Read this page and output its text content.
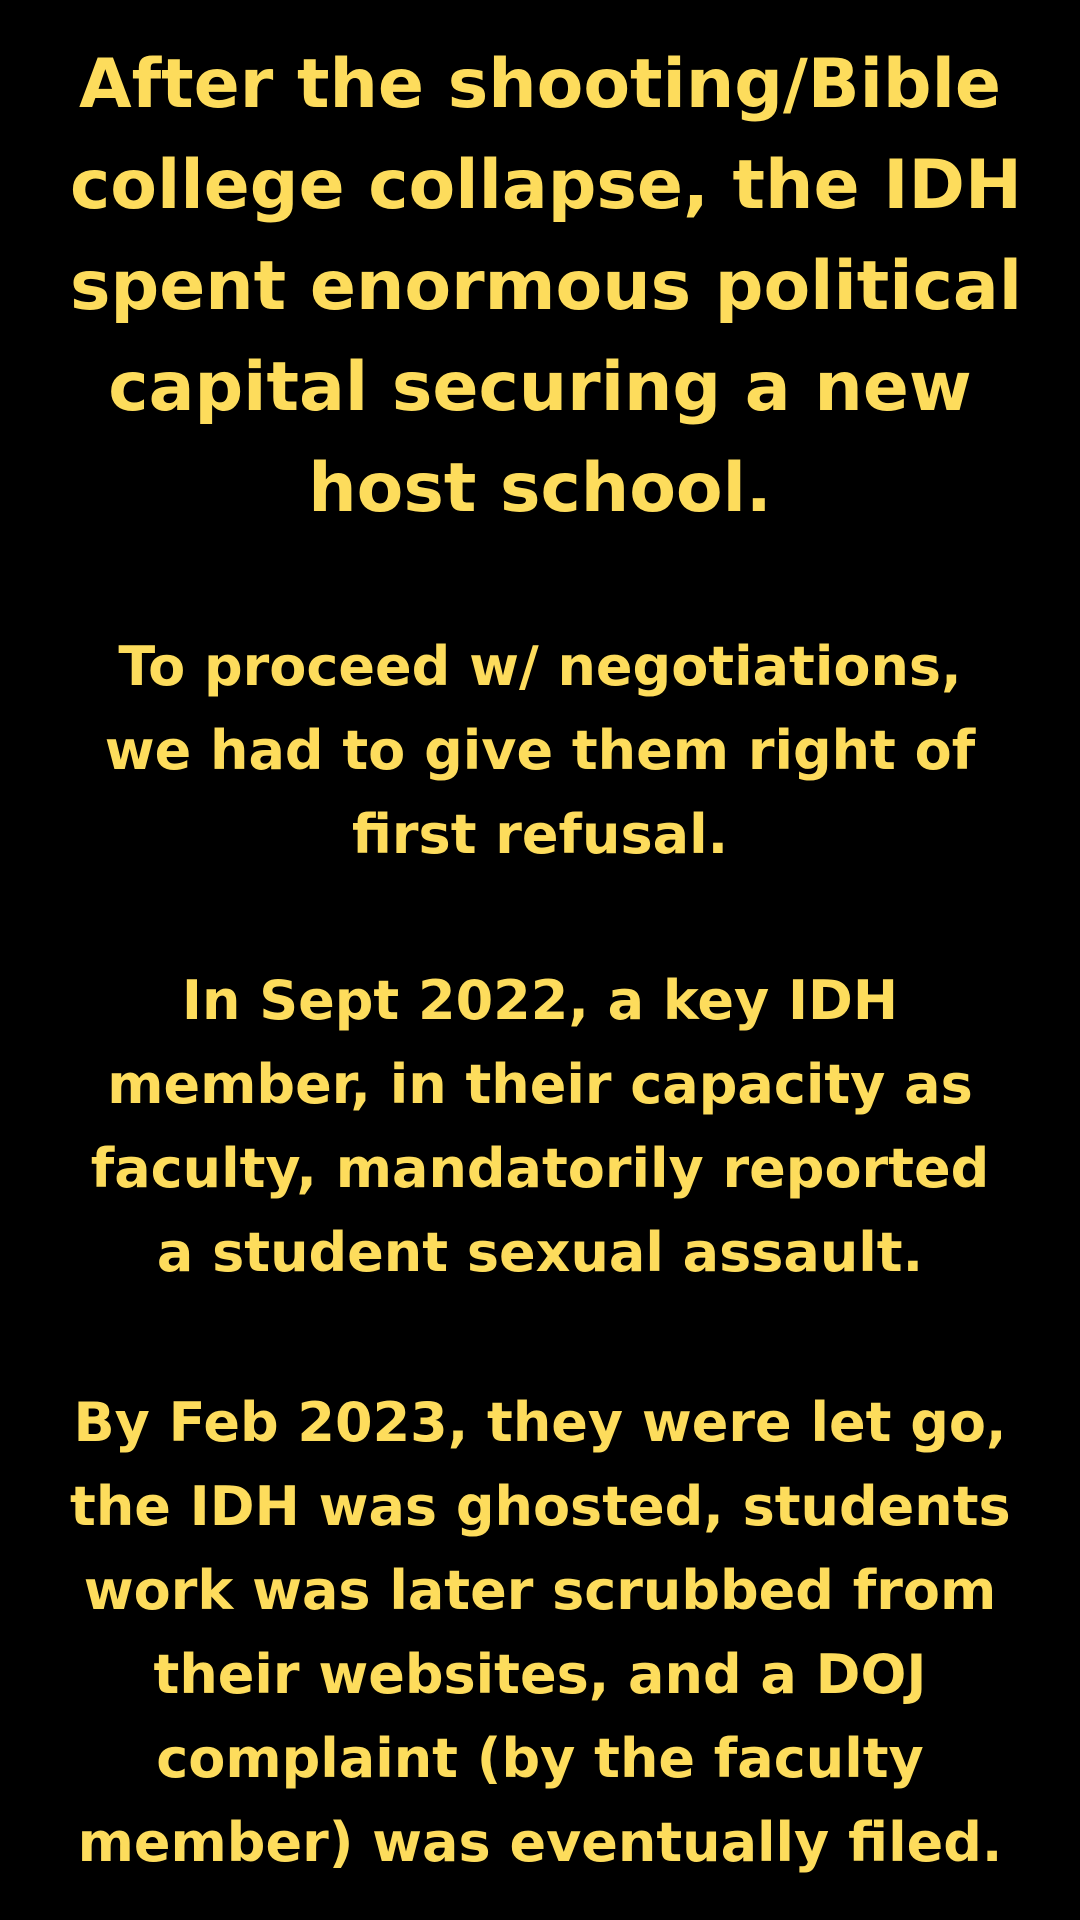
After the shooting/Bible
college collapse, the IDH
spent enormous political
capital securing a new
host school.

To proceed w/ negotiations,
we had to give them right of
first refusal.

In Sept 2022, a key IDH
member, in their capacity as
faculty, mandatorily reported
a student sexual assault.

By Feb 2023, they were let go,
the IDH was ghosted, students
work was later scrubbed from
their websites, and a DOJ
complaint (by the faculty
member) was eventually filed.
